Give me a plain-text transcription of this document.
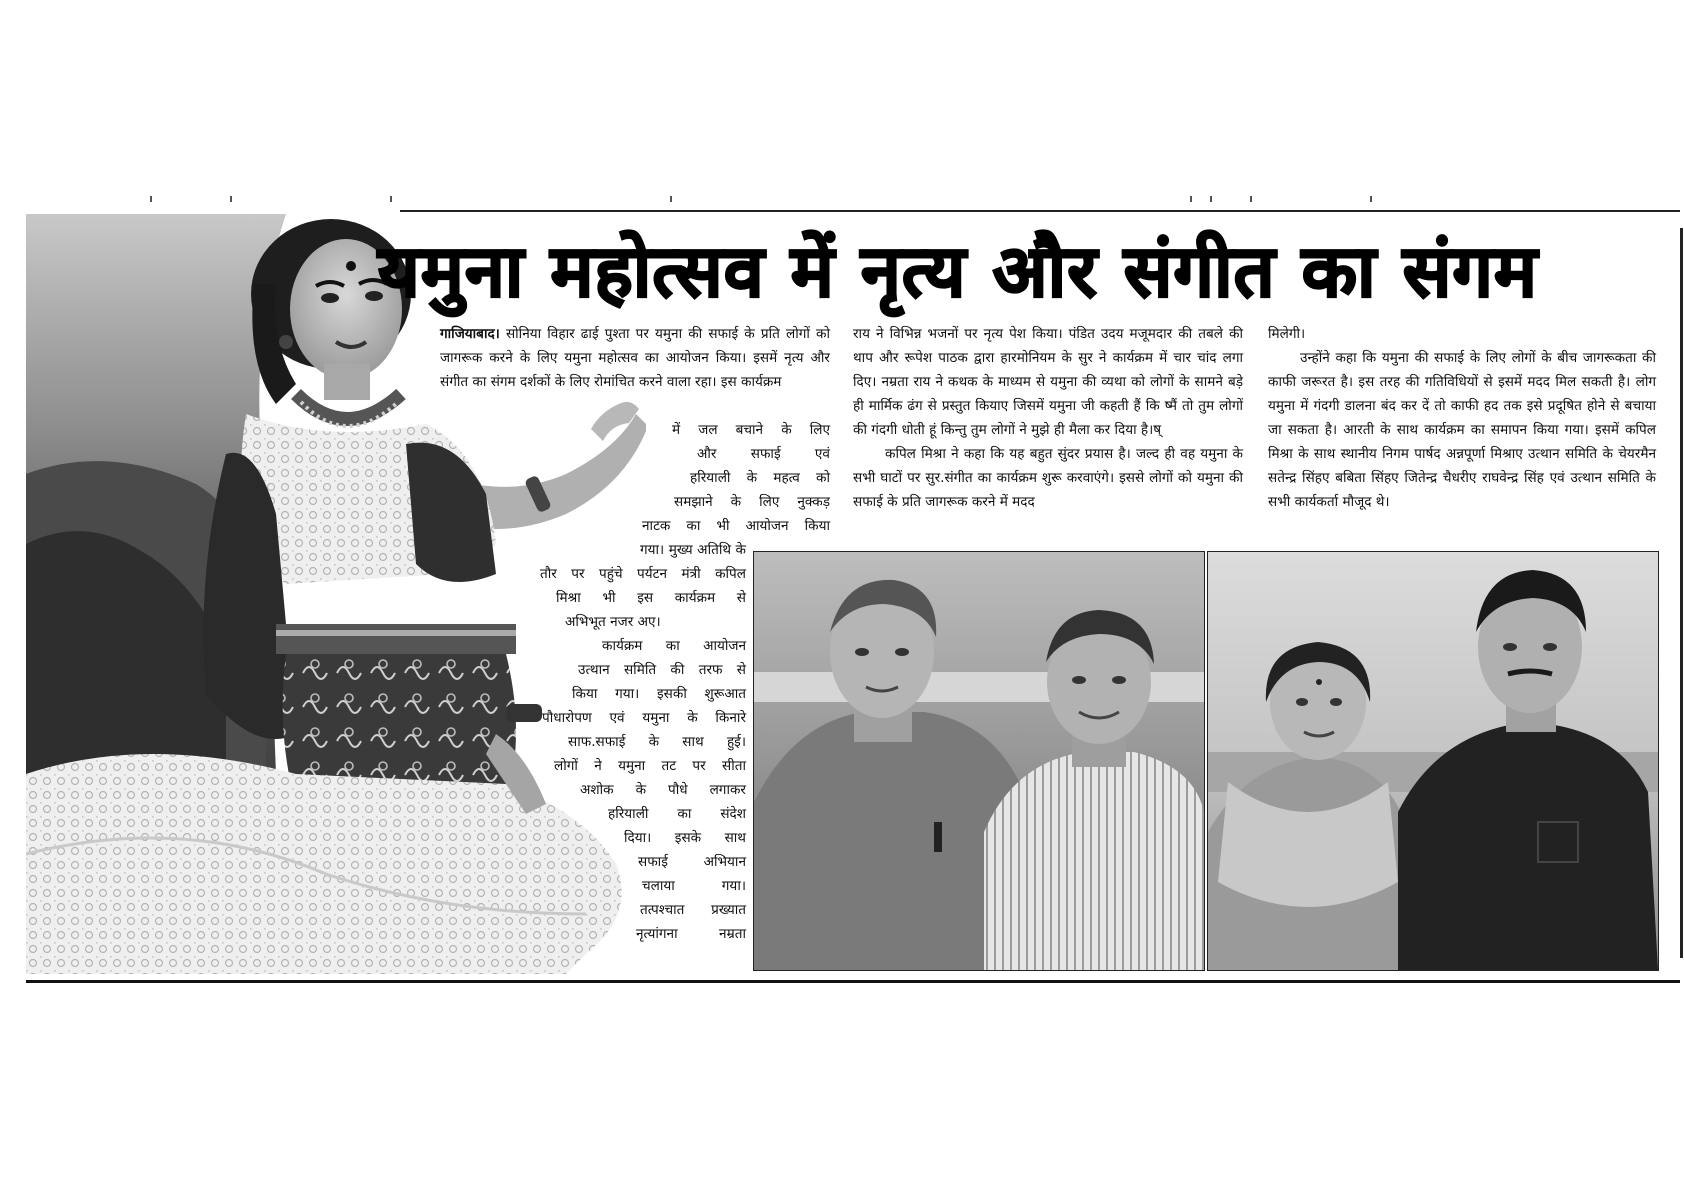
यमुना महोत्सव में नृत्य और संगीत का संगम

गाजियाबाद। सोनिया विहार ढाई पुश्ता पर यमुना की सफाई के प्रति लोगों को जागरूक करने के लिए यमुना महोत्सव का आयोजन किया। इसमें नृत्य और संगीत का संगम दर्शकों के लिए रोमांचित करने वाला रहा। इस कार्यक्रम

में जल बचाने के लिए
और सफाई एवं
हरियाली के महत्व को
समझाने के लिए नुक्कड़
नाटक का भी आयोजन किया
गया। मुख्य अतिथि के
तौर पर पहुंचे पर्यटन मंत्री कपिल
मिश्रा भी इस कार्यक्रम से
अभिभूत नजर अए।
कार्यक्रम का आयोजन
उत्थान समिति की तरफ से
किया गया। इसकी शुरूआत
पौधारोपण एवं यमुना के किनारे
साफ.सफाई के साथ हुई।
लोगों ने यमुना तट पर सीता
अशोक के पौधे लगाकर
हरियाली का संदेश
दिया। इसके साथ
सफाई अभियान
चलाया गया।
तत्पश्चात प्रख्यात
नृत्यांगना नम्रता

राय ने विभिन्न भजनों पर नृत्य पेश किया। पंडित उदय मजूमदार की तबले की थाप और रूपेश पाठक द्वारा हारमोनियम के सुर ने कार्यक्रम में चार चांद लगा दिए। नम्रता राय ने कथक के माध्यम से यमुना की व्यथा को लोगों के सामने बड़े ही मार्मिक ढंग से प्रस्तुत कियाए जिसमें यमुना जी कहती हैं कि ष्मैं तो तुम लोगों की गंदगी धोती हूं किन्तु तुम लोगों ने मुझे ही मैला कर दिया है।ष्

कपिल मिश्रा ने कहा कि यह बहुत सुंदर प्रयास है। जल्द ही वह यमुना के सभी घाटों पर सुर.संगीत का कार्यक्रम शुरू करवाएंगे। इससे लोगों को यमुना की सफाई के प्रति जागरूक करने में मदद

मिलेगी।

उन्होंने कहा कि यमुना की सफाई के लिए लोगों के बीच जागरूकता की काफी जरूरत है। इस तरह की गतिविधियों से इसमें मदद मिल सकती है। लोग यमुना में गंदगी डालना बंद कर दें तो काफी हद तक इसे प्रदूषित होने से बचाया जा सकता है। आरती के साथ कार्यक्रम का समापन किया गया। इसमें कपिल मिश्रा के साथ स्थानीय निगम पार्षद अन्नपूर्णा मिश्राए उत्थान समिति के चेयरमैन सतेन्द्र सिंहए बबिता सिंहए जितेन्द्र चैधरीए राघवेन्द्र सिंह एवं उत्थान समिति के सभी कार्यकर्ता मौजूद थे।
